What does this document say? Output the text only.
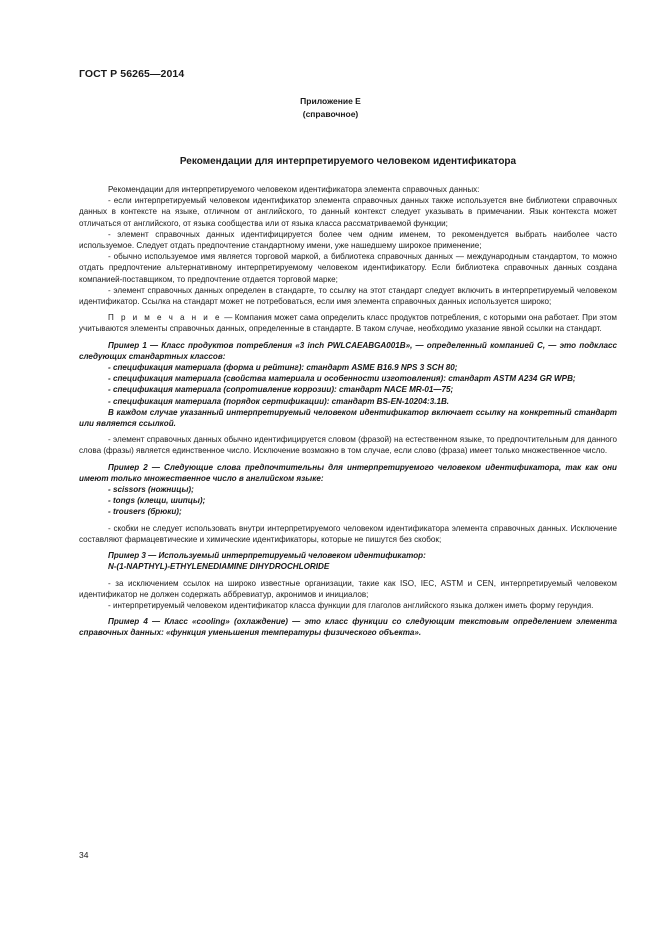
ГОСТ Р 56265—2014
Приложение Е
(справочное)
Рекомендации для интерпретируемого человеком идентификатора

Рекомендации для интерпретируемого человеком идентификатора элемента справочных данных:

- если интерпретируемый человеком идентификатор элемента справочных данных также используется вне библиотеки справочных данных в контексте на языке, отличном от английского, то данный контекст следует указывать в примечании. Язык контекста может отличаться от английского, от языка сообщества или от языка класса рассматриваемой функции;

- элемент справочных данных идентифицируется более чем одним именем, то рекомендуется выбрать наиболее часто используемое. Следует отдать предпочтение стандартному имени, уже нашедшему широкое применение;

- обычно используемое имя является торговой маркой, а библиотека справочных данных — международным стандартом, то можно отдать предпочтение альтернативному интерпретируемому человеком идентификатору. Если библиотека справочных данных создана компанией-поставщиком, то предпочтение отдается торговой марке;

- элемент справочных данных определен в стандарте, то ссылку на этот стандарт следует включить в интерпретируемый человеком идентификатор. Ссылка на стандарт может не потребоваться, если имя элемента справочных данных используется широко;

П р и м е ч а н и е — Компания может сама определить класс продуктов потребления, с которыми она работает. При этом учитываются элементы справочных данных, определенные в стандарте. В таком случае, необходимо указание явной ссылки на стандарт.

Пример 1 — Класс продуктов потребления «3 inch PWLCAEABGA001B», — определенный компанией С, — это подкласс следующих стандартных классов:

- спецификация материала (форма и рейтинг): стандарт ASME B16.9 NPS 3 SCH 80;

- спецификация материала (свойства материала и особенности изготовления): стандарт ASTM A234 GR WPB;

- спецификация материала (сопротивление коррозии): стандарт NACE MR-01—75;

- спецификация материала (порядок сертификации): стандарт BS-EN-10204:3.1B.

В каждом случае указанный интерпретируемый человеком идентификатор включает ссылку на конкретный стандарт или является ссылкой.

- элемент справочных данных обычно идентифицируется словом (фразой) на естественном языке, то предпочтительным для данного слова (фразы) является единственное число. Исключение возможно в том случае, если слово (фраза) имеет только множественное число.

Пример 2 — Следующие слова предпочтительны для интерпретируемого человеком идентификатора, так как они имеют только множественное число в английском языке:

- scissors (ножницы);

- tongs (клещи, шипцы);

- trousers (брюки);

- скобки не следует использовать внутри интерпретируемого человеком идентификатора элемента справочных данных. Исключение составляют фармацевтические и химические идентификаторы, которые не пишутся без скобок;

Пример 3 — Используемый интерпретируемый человеком идентификатор:

N-(1-NAPTHYL)-ETHYLENEDIAMINE DIHYDROCHLORIDE

- за исключением ссылок на широко известные организации, такие как ISO, IEC, ASTM и CEN, интерпретируемый человеком идентификатор не должен содержать аббревиатур, акронимов и инициалов;

- интерпретируемый человеком идентификатор класса функции для глаголов английского языка должен иметь форму герундия.

Пример 4 — Класс «cooling» (охлаждение) — это класс функции со следующим текстовым определением элемента справочных данных: «функция уменьшения температуры физического объекта».

34
